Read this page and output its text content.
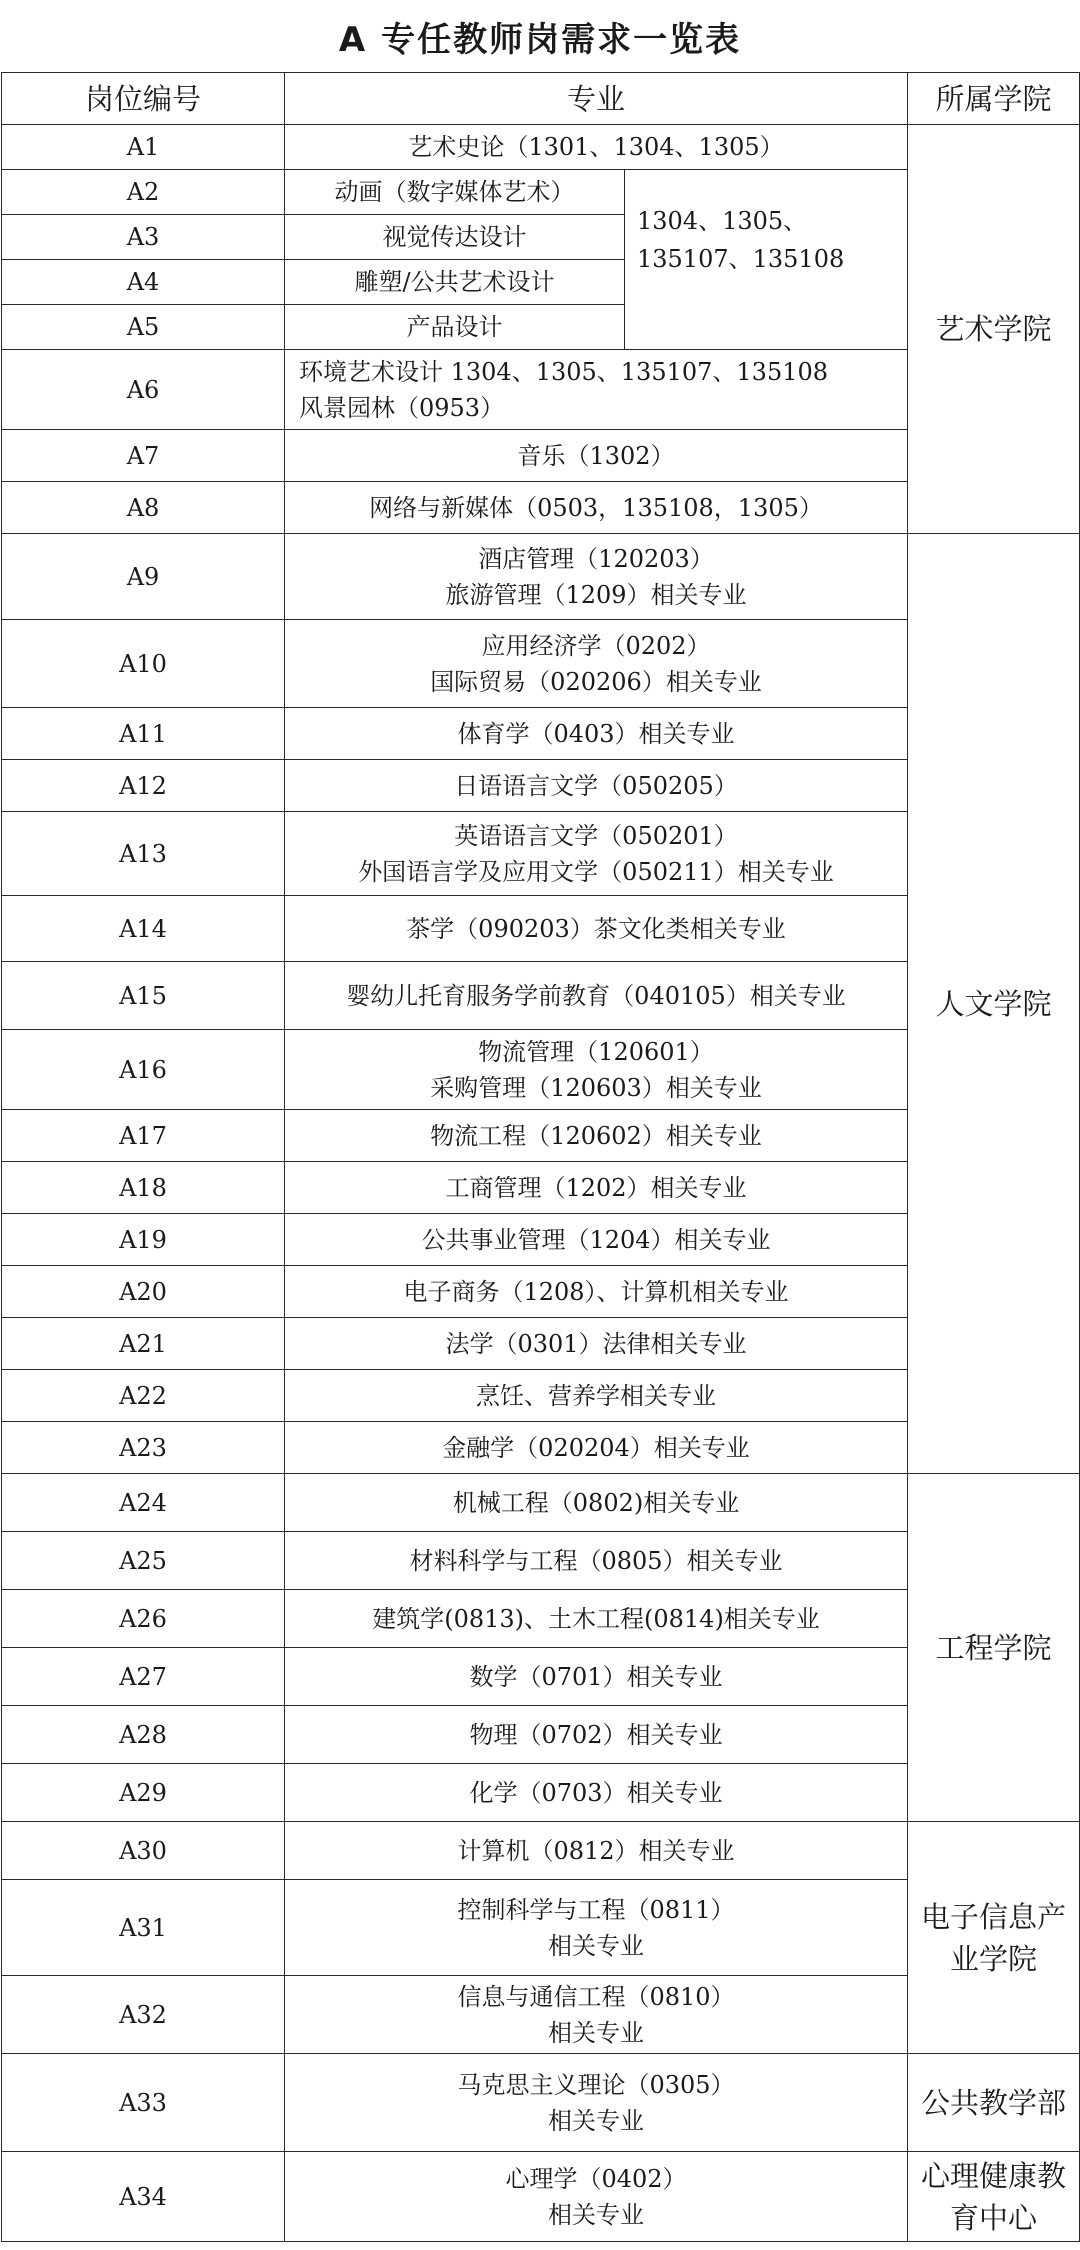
A 专任教师岗需求一览表
岗位编号	专业		所属学院
A1	艺术史论（1301、1304、1305）		艺术学院
A2	动画（数字媒体艺术）	1304、1305、
135107、135108	

A3	视觉传达设计		

A4	雕塑/公共艺术设计		

A5	产品设计		

A6	环境艺术设计 1304、1305、135107、135108
风景园林（0953）		

A7	音乐（1302）		

A8	网络与新媒体（0503，135108，1305）		

A9	酒店管理（120203）
旅游管理（1209）相关专业		人文学院
A10	应用经济学（0202）
国际贸易（020206）相关专业		

A11	体育学（0403）相关专业		

A12	日语语言文学（050205）		

A13	英语语言文学（050201）
外国语言学及应用文学（050211）相关专业		

A14	茶学（090203）茶文化类相关专业		

A15	婴幼儿托育服务学前教育（040105）相关专业		

A16	物流管理（120601）
采购管理（120603）相关专业		

A17	物流工程（120602）相关专业		

A18	工商管理（1202）相关专业		

A19	公共事业管理（1204）相关专业		

A20	电子商务（1208）、计算机相关专业		

A21	法学（0301）法律相关专业		

A22	烹饪、营养学相关专业		

A23	金融学（020204）相关专业		

A24	机械工程（0802)相关专业		工程学院
A25	材料科学与工程（0805）相关专业		

A26	建筑学(0813)、土木工程(0814)相关专业		

A27	数学（0701）相关专业		

A28	物理（0702）相关专业		

A29	化学（0703）相关专业		

A30	计算机（0812）相关专业		电子信息产
业学院

A31	控制科学与工程（0811）
相关专业		

A32	信息与通信工程（0810）
相关专业		

A33	马克思主义理论（0305）
相关专业		公共教学部
A34	心理学（0402）
相关专业		心理健康教
育中心
